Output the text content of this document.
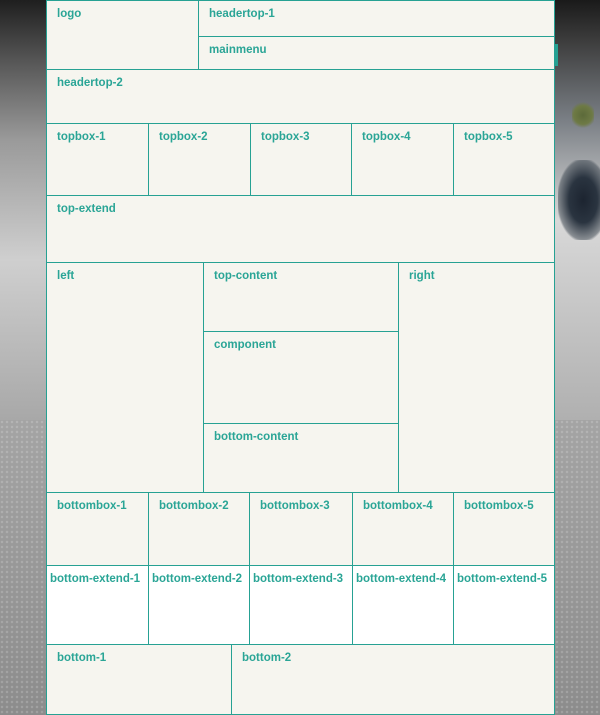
logo	headertop-1
mainmenu
headertop-2
topbox-1	topbox-2	topbox-3	topbox-4	topbox-5
top-extend
left	top-content
component
bottom-content
right
bottombox-1	bottombox-2	bottombox-3	bottombox-4	bottombox-5
bottom-extend-1 bottom-extend-2 bottom-extend-3 bottom-extend-4 bottom-extend-5
bottom-1	bottom-2
